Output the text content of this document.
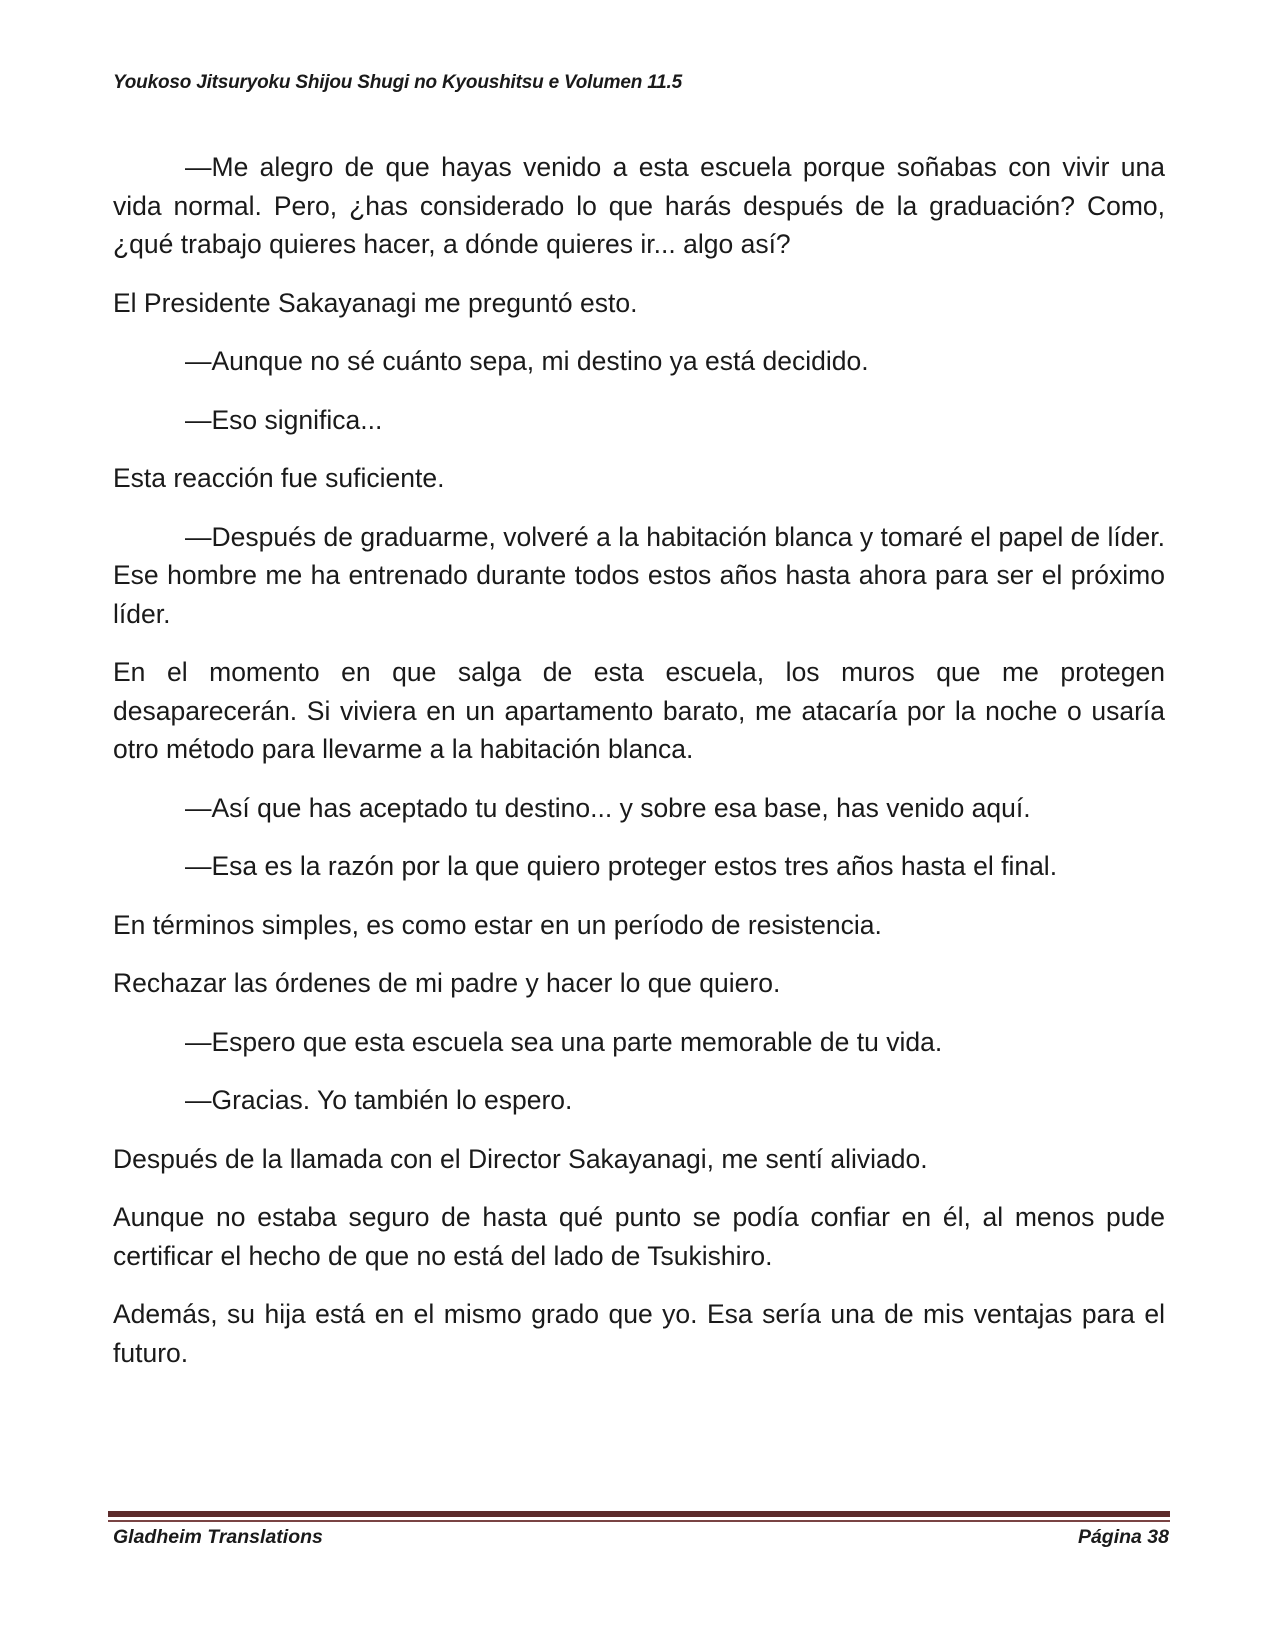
Youkoso Jitsuryoku Shijou Shugi no Kyoushitsu e Volumen 11.5

—Me alegro de que hayas venido a esta escuela porque soñabas con vivir una vida normal. Pero, ¿has considerado lo que harás después de la graduación? Como, ¿qué trabajo quieres hacer, a dónde quieres ir... algo así?

El Presidente Sakayanagi me preguntó esto.

—Aunque no sé cuánto sepa, mi destino ya está decidido.

—Eso significa...

Esta reacción fue suficiente.

—Después de graduarme, volveré a la habitación blanca y tomaré el papel de líder. Ese hombre me ha entrenado durante todos estos años hasta ahora para ser el próximo líder.

En el momento en que salga de esta escuela, los muros que me protegen desaparecerán. Si viviera en un apartamento barato, me atacaría por la noche o usaría otro método para llevarme a la habitación blanca.

—Así que has aceptado tu destino... y sobre esa base, has venido aquí.

—Esa es la razón por la que quiero proteger estos tres años hasta el final.

En términos simples, es como estar en un período de resistencia.

Rechazar las órdenes de mi padre y hacer lo que quiero.

—Espero que esta escuela sea una parte memorable de tu vida.

—Gracias. Yo también lo espero.

Después de la llamada con el Director Sakayanagi, me sentí aliviado.

Aunque no estaba seguro de hasta qué punto se podía confiar en él, al menos pude certificar el hecho de que no está del lado de Tsukishiro.

Además, su hija está en el mismo grado que yo. Esa sería una de mis ventajas para el futuro.

Gladheim Translations	Página 38
